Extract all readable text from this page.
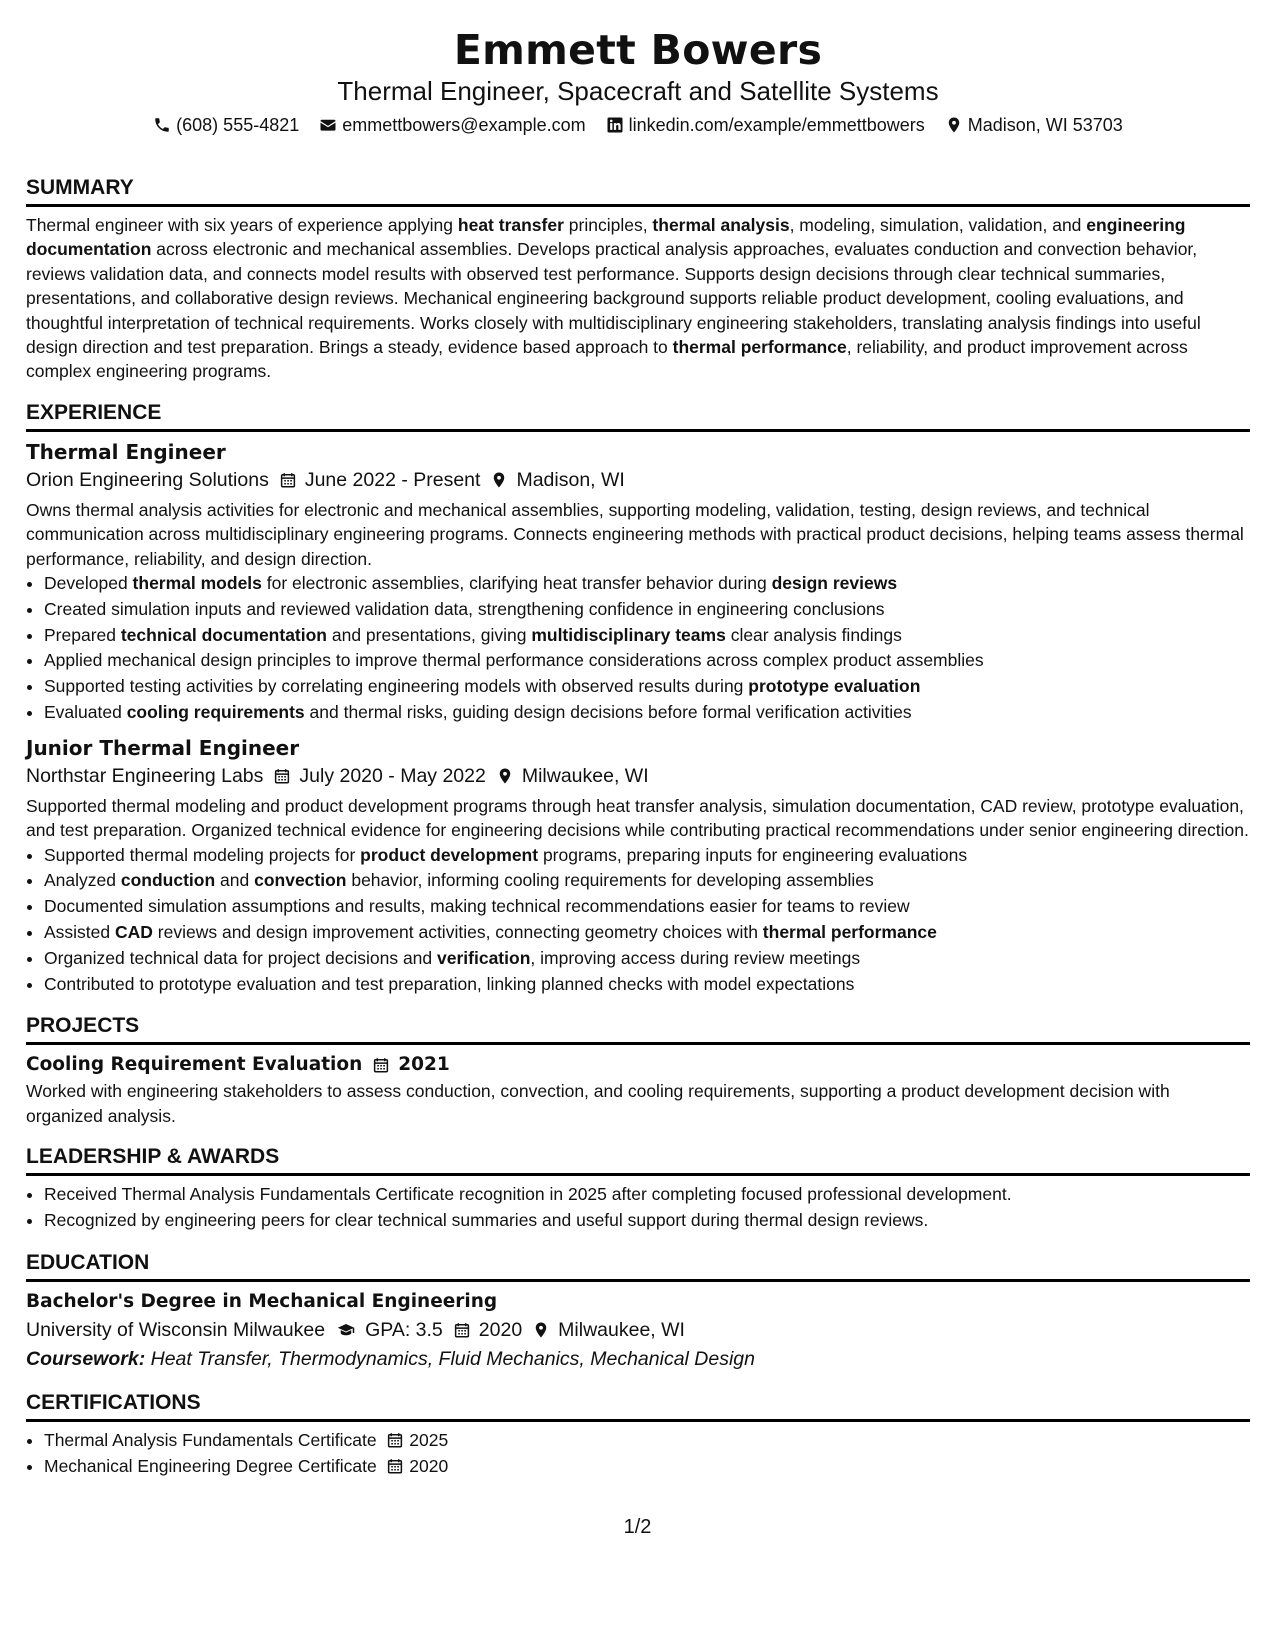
Emmett Bowers
Thermal Engineer, Spacecraft and Satellite Systems
(608) 555-4821 emmettbowers@example.com linkedin.com/example/emmettbowers Madison, WI 53703
SUMMARY
Thermal engineer with six years of experience applying heat transfer principles, thermal analysis, modeling, simulation, validation, and engineering documentation across electronic and mechanical assemblies. Develops practical analysis approaches, evaluates conduction and convection behavior, reviews validation data, and connects model results with observed test performance. Supports design decisions through clear technical summaries, presentations, and collaborative design reviews. Mechanical engineering background supports reliable product development, cooling evaluations, and thoughtful interpretation of technical requirements. Works closely with multidisciplinary engineering stakeholders, translating analysis findings into useful design direction and test preparation. Brings a steady, evidence based approach to thermal performance, reliability, and product improvement across complex engineering programs.
EXPERIENCE
Thermal Engineer
Orion Engineering Solutions June 2022 - Present Madison, WI
Owns thermal analysis activities for electronic and mechanical assemblies, supporting modeling, validation, testing, design reviews, and technical communication across multidisciplinary engineering programs. Connects engineering methods with practical product decisions, helping teams assess thermal performance, reliability, and design direction.
• Developed thermal models for electronic assemblies, clarifying heat transfer behavior during design reviews
• Created simulation inputs and reviewed validation data, strengthening confidence in engineering conclusions
• Prepared technical documentation and presentations, giving multidisciplinary teams clear analysis findings
• Applied mechanical design principles to improve thermal performance considerations across complex product assemblies
• Supported testing activities by correlating engineering models with observed results during prototype evaluation
• Evaluated cooling requirements and thermal risks, guiding design decisions before formal verification activities
Junior Thermal Engineer
Northstar Engineering Labs July 2020 - May 2022 Milwaukee, WI
Supported thermal modeling and product development programs through heat transfer analysis, simulation documentation, CAD review, prototype evaluation, and test preparation. Organized technical evidence for engineering decisions while contributing practical recommendations under senior engineering direction.
• Supported thermal modeling projects for product development programs, preparing inputs for engineering evaluations
• Analyzed conduction and convection behavior, informing cooling requirements for developing assemblies
• Documented simulation assumptions and results, making technical recommendations easier for teams to review
• Assisted CAD reviews and design improvement activities, connecting geometry choices with thermal performance
• Organized technical data for project decisions and verification, improving access during review meetings
• Contributed to prototype evaluation and test preparation, linking planned checks with model expectations
PROJECTS
Cooling Requirement Evaluation 2021
Worked with engineering stakeholders to assess conduction, convection, and cooling requirements, supporting a product development decision with organized analysis.
LEADERSHIP & AWARDS
• Received Thermal Analysis Fundamentals Certificate recognition in 2025 after completing focused professional development.
• Recognized by engineering peers for clear technical summaries and useful support during thermal design reviews.
EDUCATION
Bachelor's Degree in Mechanical Engineering
University of Wisconsin Milwaukee GPA: 3.5 2020 Milwaukee, WI
Coursework: Heat Transfer, Thermodynamics, Fluid Mechanics, Mechanical Design
CERTIFICATIONS
• Thermal Analysis Fundamentals Certificate 2025
• Mechanical Engineering Degree Certificate 2020
1/2
